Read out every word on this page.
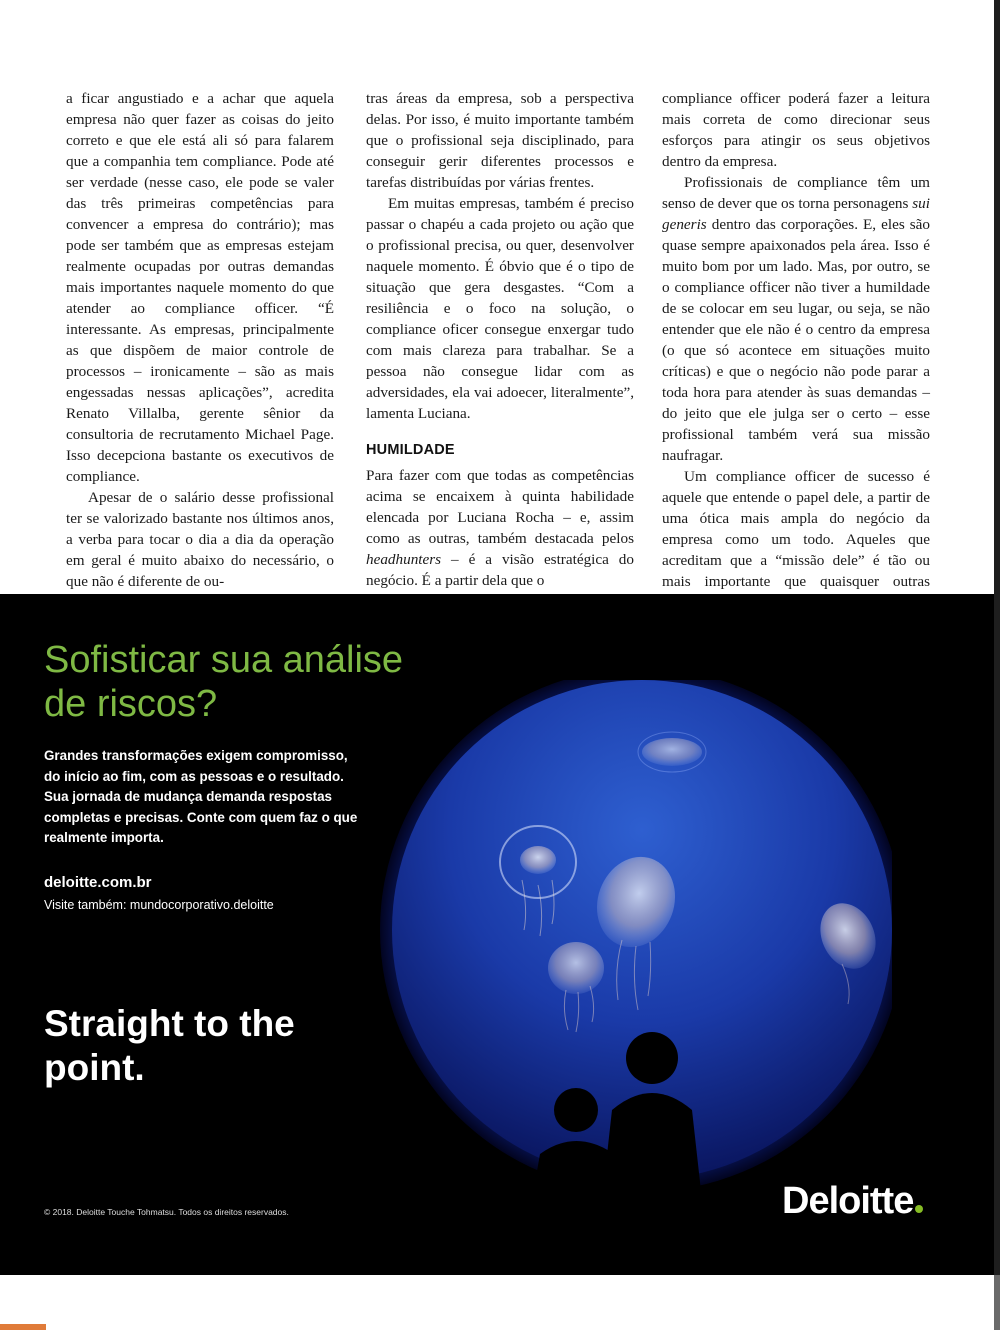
a ficar angustiado e a achar que aquela empresa não quer fazer as coisas do jeito correto e que ele está ali só para falarem que a companhia tem compliance. Pode até ser verdade (nesse caso, ele pode se valer das três primeiras competências para convencer a empresa do contrário); mas pode ser também que as empresas estejam realmente ocupadas por outras demandas mais importantes naquele momento do que atender ao compliance officer. “É interessante. As empresas, principalmente as que dispõem de maior controle de processos – ironicamente – são as mais engessadas nessas aplicações”, acredita Renato Villalba, gerente sênior da consultoria de recrutamento Michael Page. Isso decepciona bastante os executivos de compliance.

Apesar de o salário desse profissional ter se valorizado bastante nos últimos anos, a verba para tocar o dia a dia da operação em geral é muito abaixo do necessário, o que não é diferente de ou-

tras áreas da empresa, sob a perspectiva delas. Por isso, é muito importante também que o profissional seja disciplinado, para conseguir gerir diferentes processos e tarefas distribuídas por várias frentes.

Em muitas empresas, também é preciso passar o chapéu a cada projeto ou ação que o profissional precisa, ou quer, desenvolver naquele momento. É óbvio que é o tipo de situação que gera desgastes. “Com a resiliência e o foco na solução, o compliance oficer consegue enxergar tudo com mais clareza para trabalhar. Se a pessoa não consegue lidar com as adversidades, ela vai adoecer, literalmente”, lamenta Luciana.

HUMILDADE

Para fazer com que todas as competências acima se encaixem à quinta habilidade elencada por Luciana Rocha – e, assim como as outras, também destacada pelos headhunters – é a visão estratégica do negócio. É a partir dela que o

compliance officer poderá fazer a leitura mais correta de como direcionar seus esforços para atingir os seus objetivos dentro da empresa.

Profissionais de compliance têm um senso de dever que os torna personagens sui generis dentro das corporações. E, eles são quase sempre apaixonados pela área. Isso é muito bom por um lado. Mas, por outro, se o compliance officer não tiver a humildade de se colocar em seu lugar, ou seja, se não entender que ele não é o centro da empresa (o que só acontece em situações muito críticas) e que o negócio não pode parar a toda hora para atender às suas demandas – do jeito que ele julga ser o certo – esse profissional também verá sua missão naufragar.

Um compliance officer de sucesso é aquele que entende o papel dele, a partir de uma ótica mais ampla do negócio da empresa como um todo. Aqueles que acreditam que a “missão dele” é tão ou mais importante que quaisquer outras

Sofisticar sua análise de riscos?
Grandes transformações exigem compromisso, do início ao fim, com as pessoas e o resultado. Sua jornada de mudança demanda respostas completas e precisas. Conte com quem faz o que realmente importa.
deloitte.com.br
Visite também: mundocorporativo.deloitte
Straight to the point.
© 2018. Deloitte Touche Tohmatsu. Todos os direitos reservados.	Deloitte
